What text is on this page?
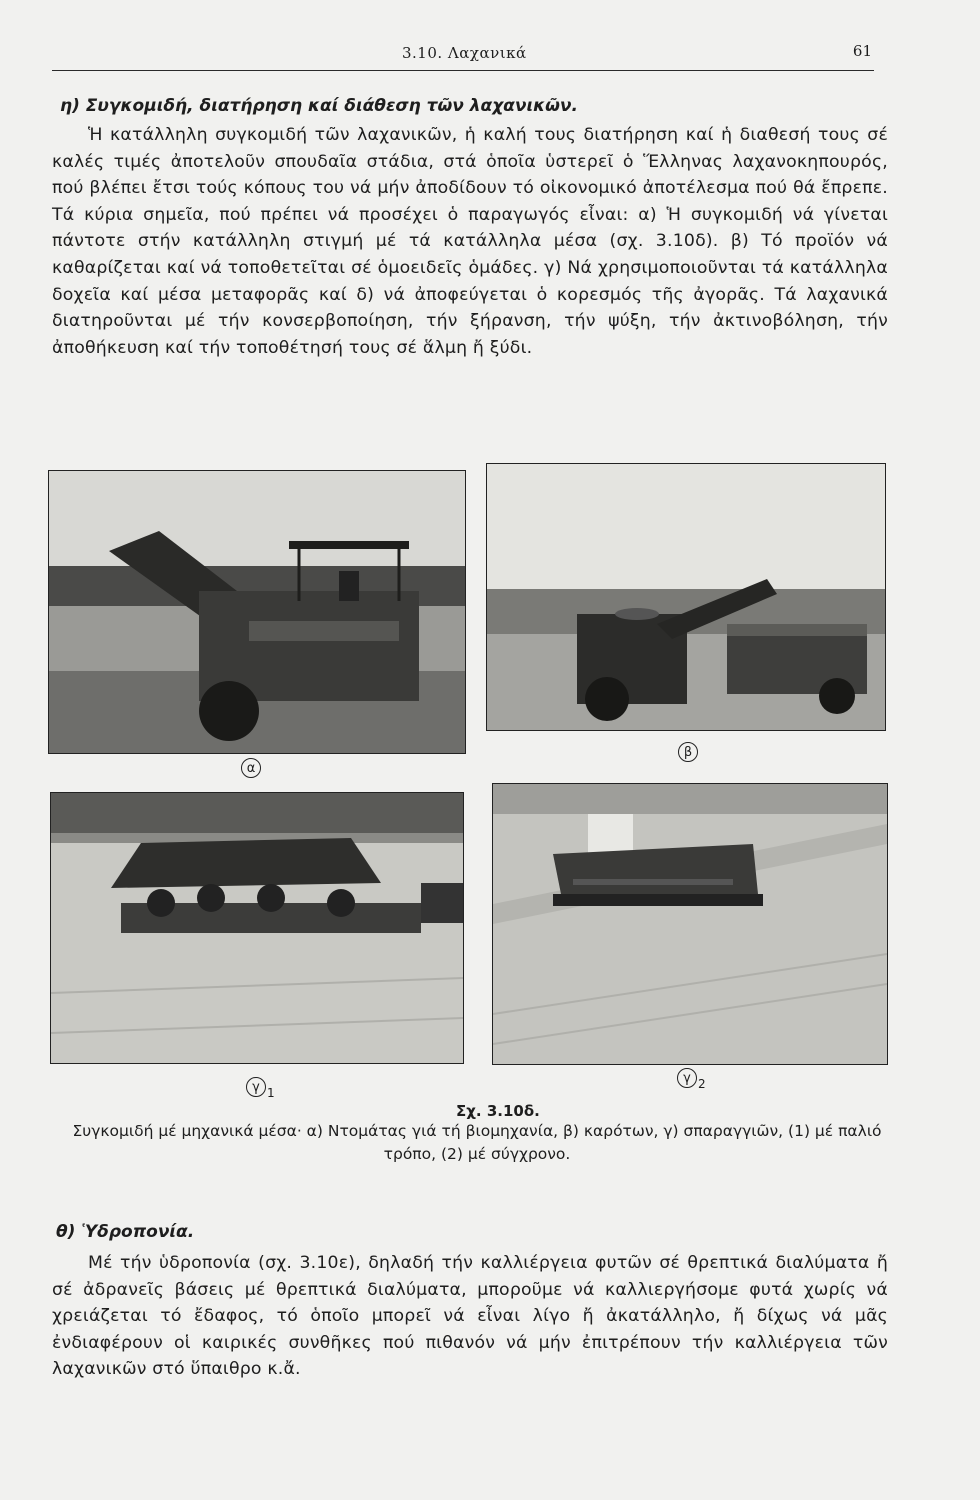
3.10. Λαχανικά	61
η) Συγκομιδή, διατήρηση καί διάθεση τῶν λαχανικῶν.

Ἡ κατάλληλη συγκομιδή τῶν λαχανικῶν, ἡ καλή τους διατήρηση καί ἡ διαθεσή τους σέ καλές τιμές ἀποτελοῦν σπουδαῖα στάδια, στά ὁποῖα ὑστερεῖ ὁ Ἕλληνας λαχανοκηπουρός, πού βλέπει ἔτσι τούς κόπους του νά μήν ἀποδίδουν τό οἰκονομικό ἀποτέλεσμα πού θά ἔπρεπε. Τά κύρια σημεῖα, πού πρέπει νά προσέχει ὁ παραγωγός εἶναι: α) Ἡ συγκομιδή νά γίνεται πάντοτε στήν κατάλληλη στιγμή μέ τά κατάλληλα μέσα (σχ. 3.10δ). β) Τό προϊόν νά καθαρίζεται καί νά τοποθετεῖται σέ ὁμοειδεῖς ὁμάδες. γ) Νά χρησιμοποιοῦνται τά κατάλληλα δοχεῖα καί μέσα μεταφορᾶς καί δ) νά ἀποφεύγεται ὁ κορεσμός τῆς ἀγορᾶς. Τά λαχανικά διατηροῦνται μέ τήν κονσερβοποίηση, τήν ξήρανση, τήν ψύξη, τήν ἀκτινοβόληση, τήν ἀποθήκευση καί τήν τοποθέτησή τους σέ ἅλμη ἤ ξύδι.

α
β
γ 1
γ 2
Σχ. 3.10δ.

Συγκομιδή μέ μηχανικά μέσα· α) Ντομάτας γιά τή βιομηχανία, β) καρότων, γ) σπαραγγιῶν, (1) μέ παλιό τρόπο, (2) μέ σύγχρονο.

θ) Ὑδροπονία.

Μέ τήν ὑδροπονία (σχ. 3.10ε), δηλαδή τήν καλλιέργεια φυτῶν σέ θρεπτικά διαλύματα ἤ σέ ἀδρανεῖς βάσεις μέ θρεπτικά διαλύματα, μποροῦμε νά καλλιεργήσομε φυτά χωρίς νά χρειάζεται τό ἔδαφος, τό ὁποῖο μπορεῖ νά εἶναι λίγο ἤ ἀκατάλληλο, ἤ δίχως νά μᾶς ἐνδιαφέρουν οἱ καιρικές συνθῆκες πού πιθανόν νά μήν ἐπιτρέπουν τήν καλλιέργεια τῶν λαχανικῶν στό ὕπαιθρο κ.ἄ.
